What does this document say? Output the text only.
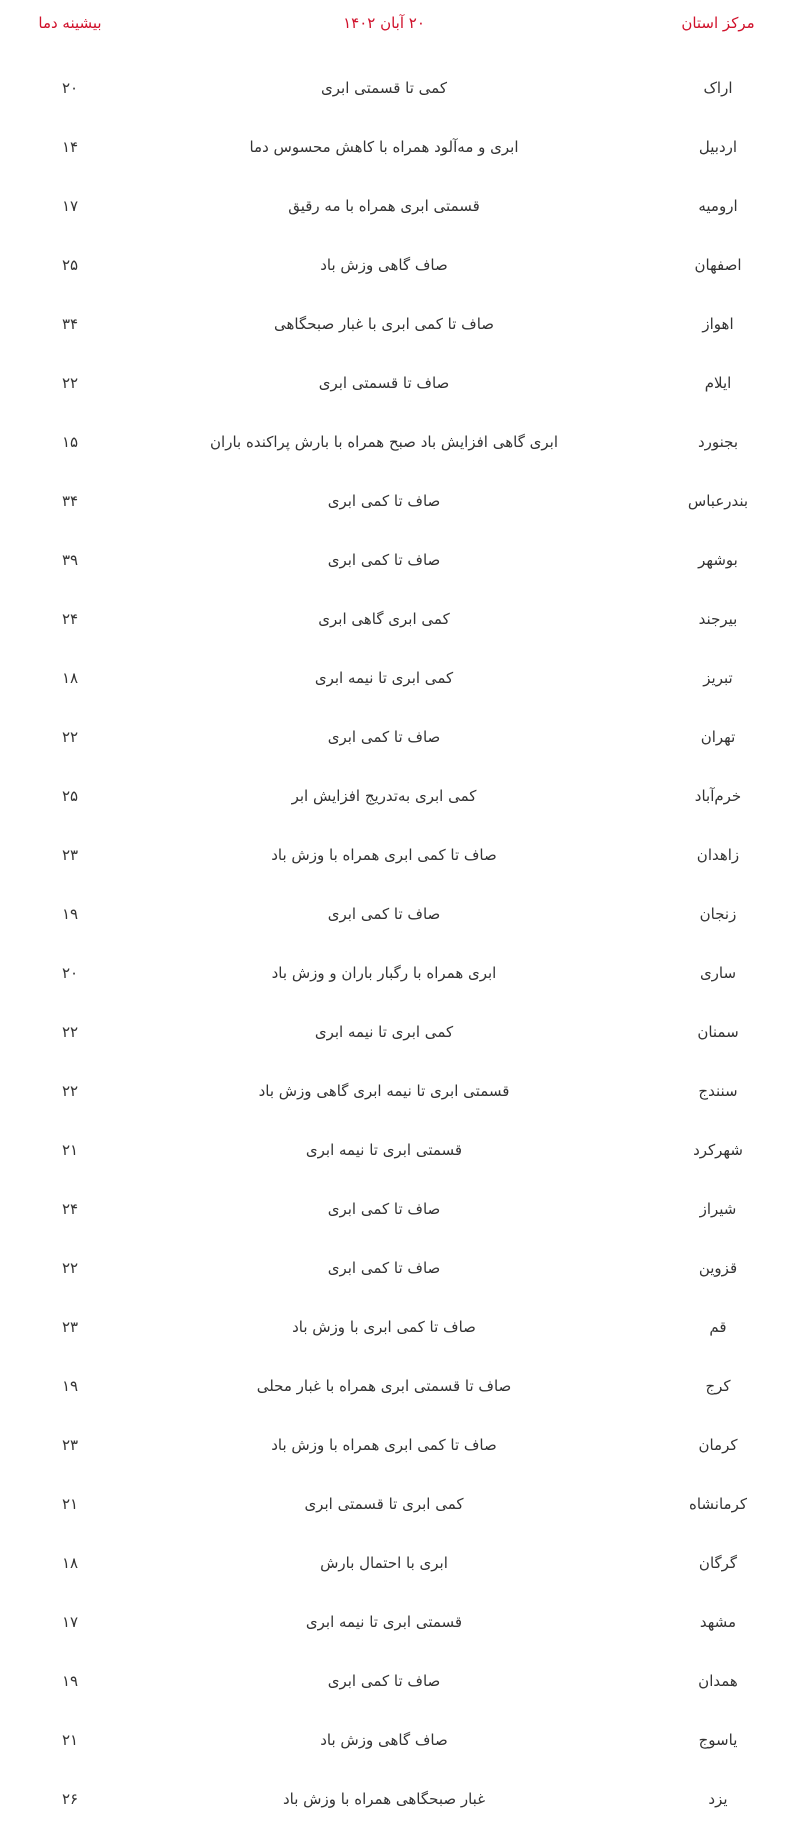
مرکز استان
۲۰ آبان ۱۴۰۲
بیشینه دما
اراک
کمی تا قسمتی ابری
۲۰
اردبیل
ابری و مه‌آلود همراه با کاهش محسوس دما
۱۴
ارومیه
قسمتی ابری همراه با مه رقیق
۱۷
اصفهان
صاف گاهی وزش باد
۲۵
اهواز
صاف تا کمی ابری با غبار صبحگاهی
۳۴
ایلام
صاف تا قسمتی ابری
۲۲
بجنورد
ابری گاهی افزایش باد صبح همراه با بارش پراکنده باران
۱۵
بندرعباس
صاف تا کمی ابری
۳۴
بوشهر
صاف تا کمی ابری
۳۹
بیرجند
کمی ابری گاهی ابری
۲۴
تبریز
کمی ابری تا نیمه ابری
۱۸
تهران
صاف تا کمی ابری
۲۲
خرم‌آباد
کمی ابری به‌تدریج افزایش ابر
۲۵
زاهدان
صاف تا کمی ابری همراه با وزش باد
۲۳
زنجان
صاف تا کمی ابری
۱۹
ساری
ابری همراه با رگبار باران و وزش باد
۲۰
سمنان
کمی ابری تا نیمه ابری
۲۲
سنندج
قسمتی ابری تا نیمه ابری گاهی وزش باد
۲۲
شهرکرد
قسمتی ابری تا نیمه ابری
۲۱
شیراز
صاف تا کمی ابری
۲۴
قزوین
صاف تا کمی ابری
۲۲
قم
صاف تا کمی ابری با وزش باد
۲۳
کرج
صاف تا قسمتی ابری همراه با غبار محلی
۱۹
کرمان
صاف تا کمی ابری همراه با وزش باد
۲۳
کرمانشاه
کمی ابری تا قسمتی ابری
۲۱
گرگان
ابری با احتمال بارش
۱۸
مشهد
قسمتی ابری تا نیمه ابری
۱۷
همدان
صاف تا کمی ابری
۱۹
یاسوج
صاف گاهی وزش باد
۲۱
یزد
غبار صبحگاهی همراه با وزش باد
۲۶
